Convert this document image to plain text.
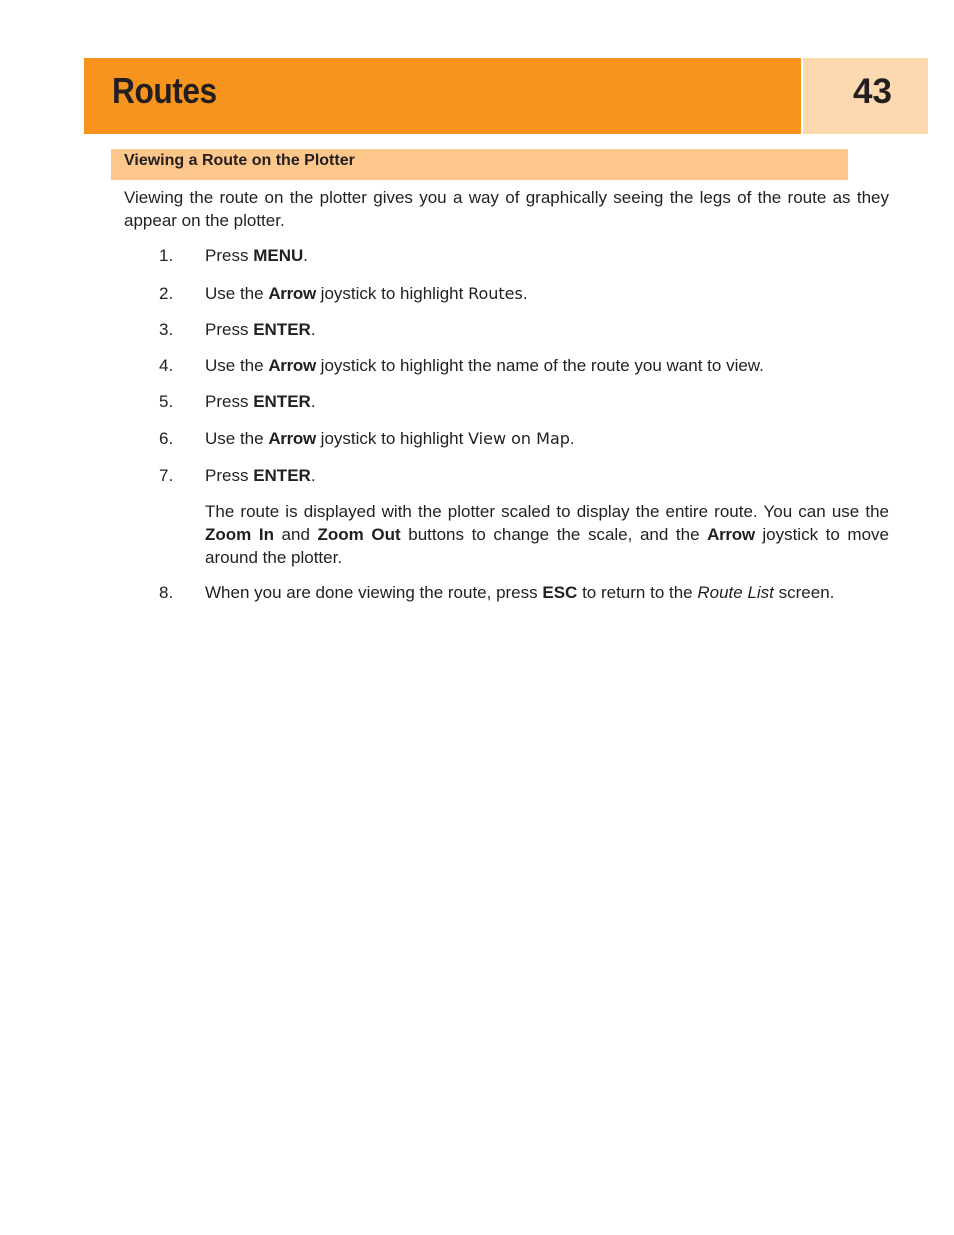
Routes	43
Viewing a Route on the Plotter
Viewing the route on the plotter gives you a way of graphically seeing the legs of the route as they appear on the plotter.
1. Press MENU.
2. Use the Arrow joystick to highlight Routes.
3. Press ENTER.
4. Use the Arrow joystick to highlight the name of the route you want to view.
5. Press ENTER.
6. Use the Arrow joystick to highlight View on Map.
7. Press ENTER.
The route is displayed with the plotter scaled to display the entire route. You can use the Zoom In and Zoom Out buttons to change the scale, and the Arrow joystick to move around the plotter.
8. When you are done viewing the route, press ESC to return to the Route List screen.
